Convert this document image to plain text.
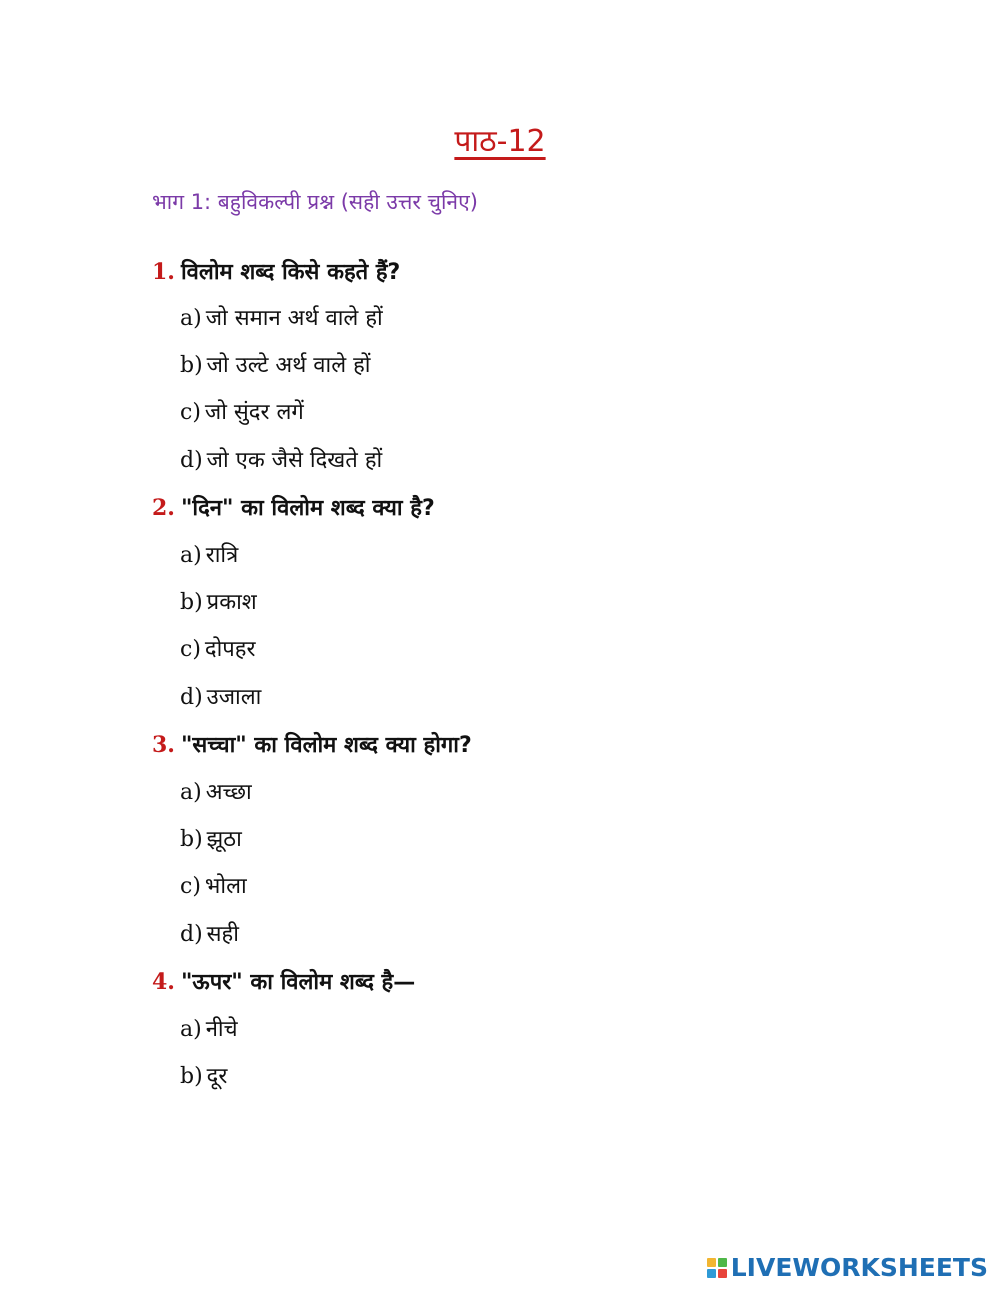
पाठ-12
भाग 1: बहुविकल्पी प्रश्न (सही उत्तर चुनिए)
1. विलोम शब्द किसे कहते हैं?
a) जो समान अर्थ वाले हों
b) जो उल्टे अर्थ वाले हों
c) जो सुंदर लगें
d) जो एक जैसे दिखते हों
2. "दिन" का विलोम शब्द क्या है?
a) रात्रि
b) प्रकाश
c) दोपहर
d) उजाला
3. "सच्चा" का विलोम शब्द क्या होगा?
a) अच्छा
b) झूठा
c) भोला
d) सही
4. "ऊपर" का विलोम शब्द है—
a) नीचे
b) दूर
LIVEWORKSHEETS
